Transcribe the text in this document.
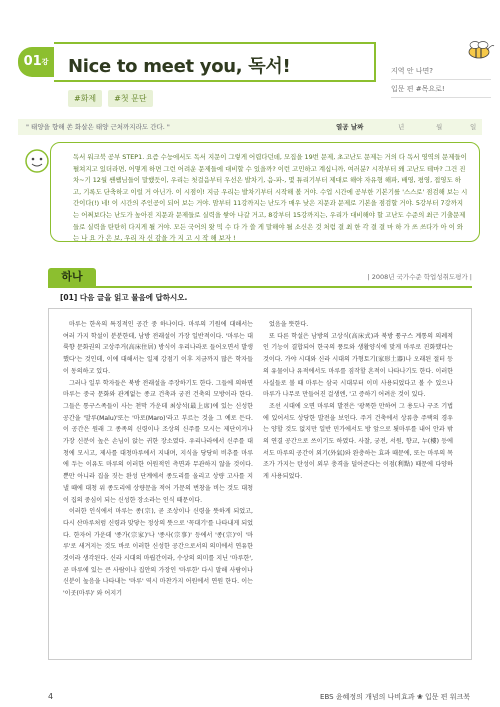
$01^강$	Nice to meet you, 독서!
#화제	#첫 문단
지역 안 나면?
입문 편 #목요로!
" 태양을 향해 쏜 화살은 태양 근처까지라도 간다. "	열공 날짜	년	월	일
독서 워크북 공부 STEP1. 요즘 수능에서도 독서 지문이 그렇게 어렵다던데, 모집을 19번 문제, 초고난도 문제는 거의 다 독서 영역의 문제들이 펼쳐지고 있더라면, 어떻게 하면 그런 어려운 문제들에 대비할 수 있을까? 이런 고민하고 계십니까, 여러분? 시작부터 왜 고난도 테마? 그건 진 차~기 12월 쌘쌤님들이 말했듯이, 우리는 첫걸음부터 우선은 발차기, 음-파-, 몇 튜리기부터 제대로 해야 자유형 해파, 배영, 평영, 접영도 하고, 기록도 단축하고 이럴 거 아닌가. 이 시점이! 지금 우리는 발차기부터 시작해 볼 거야. 수업 시간에 공부한 기본기를 '스스로' 점검해 보는 시간이다(!) 네! 이 시간의 주인공이 되어 보는 거야. 맘부터 11강까지는 난도가 매우 낮은 지문과 문제로 기본을 점검할 거야. 5강부터 7강까지는 어쩌보다는 난도가 높아진 지문과 문제들로 실력을 쌓아 나갈 거고, 8강부터 15강까지는, 우리가 대비해야 할 고난도 수준의 최근 기출문제들로 실력을 탄탄히 다지게 될 거야. 모든 국어의 왓 믹 수 다 가 쓸 게 말해야 될 소신은 것 처럼 결 최 한 각 결 결 마 하 가 쓰 쓰다가 아 이 와 는 나 요 가 은 보, 우리 자 신 감을 가 지 고 시 작 해 보자 !
하나	| 2008년 국가수준 학업성취도평가 |
[01] 다음 글을 읽고 물음에 답하시오.

마루는 한옥의 특징적인 공간 중 하나이다. 마루의 기원에 대해서는 여러 가지 학설이 분분한데, 남방 전래설이 가장 일반적이다. '마루는 대륙향 문화권의 고상주거(高床住居) 방식이 우리나라로 들어오면서 발생했다'는 것인데, 이에 대해서는 일제 강점기 이후 지금까지 많은 학자들이 동의하고 있다.

그러나 일부 학자들은 북방 전래설을 주장하기도 한다. 그들에 의하면 마루는 중국 문화와 관계없는 종교 건축과 궁전 건축의 모방이라 한다. 그들은 통구스족들이 사는 천막 가운데 최상석(最上席)에 있는 신성한 공간을 '말루(Malu)'또는 '마로(Maro)'라고 부르는 것을 그 예로 든다. 이 공간은 원래 그 종족의 신령이나 조상의 신주를 모시는 제단이거나 가장 신분이 높은 손님이 앉는 귀한 장소였다. 우리나라에서 신주를 대청에 모시고, 제사를 대청마루에서 지내며, 지식을 당당히 비추를 마루에 두는 이유도 마루의 이러한 어원적인 측면과 무관하지 않을 것이다. 뿐만 아니라 집을 짓는 완성 단계에서 종도리를 올리고 상량 고사를 지낼 때에 대청 위 종도리에 상량문을 적어 가문의 번창을 비는 것도 대청이 집의 중심이 되는 신성한 장소라는 인식 때문이다.

이러한 인식에서 마루는 종(宗), 곧 조상이나 신령을 뜻하게 되었고, 다시 산마루처럼 신령과 맞닿는 정상의 뜻으로 '꼭대기'를 나타내게 되었다. 한자어 가운데 '종가(宗家)'나 '종사(宗事)' 등에서 '종(宗)'이 '마루'로 새겨지는 것도 바로 이러한 신성한 공간으로서의 의미에서 연유한 것이라 생각된다. 신라 시대의 마립간이라, 수상의 의미를 지닌 '마루한', 곧 마루에 있는 큰 사람이나 집안의 가장인 '마루한' 다시 말해 사람이나 신분이 높음을 나타내는 '마루' 역시 마찬가지 어원에서 연원 한다. 이는 '이곳(마루)' 와 어지기

었음을 뜻한다.

또 다른 학설은 남방의 고상식(高床式)과 북방 퉁구스 계통의 의례적인 기능이 결합되어 한국의 풍토와 생활양식에 맞게 마루로 진화했다는 것이다. 가야 시대와 신라 시대의 가형토기(家形土器)나 오래된 절터 등의 유물이나 유적에서도 마루를 짐작할 흔적이 나타나기도 한다. 이러한 사실들로 볼 때 마루는 삼국 시대부터 이미 사용되었다고 볼 수 있으나 마루가 나무로 만들어진 걸생엔, '고 증하기 어려운 것이 있다.

조선 시대에 오면 마루의 발전은 '광폭한 만하여 그 용도나 구조 기법에 있어서도 상당한 발전을 보인다. 주거 건축에서 상류층 주택의 경우는 양할 것도 없지만 일반 민가에서도 방 앞으로 툇마루를 내어 안과 밖의 연결 공간으로 쓰이기도 하였다. 사찰, 궁전, 서원, 향교, 누(樓) 등에서도 마루의 공간이 외기(外氣)와 완충하는 효과 때문에, 또는 마루의 목조가 가지는 탄성이 외부 충격을 덜어준다는 이점(利點) 때문에 다양하게 사용되었다.

4	EBS 윤혜정의 개념의 나비효과 ❀ 입문 편 워크북
